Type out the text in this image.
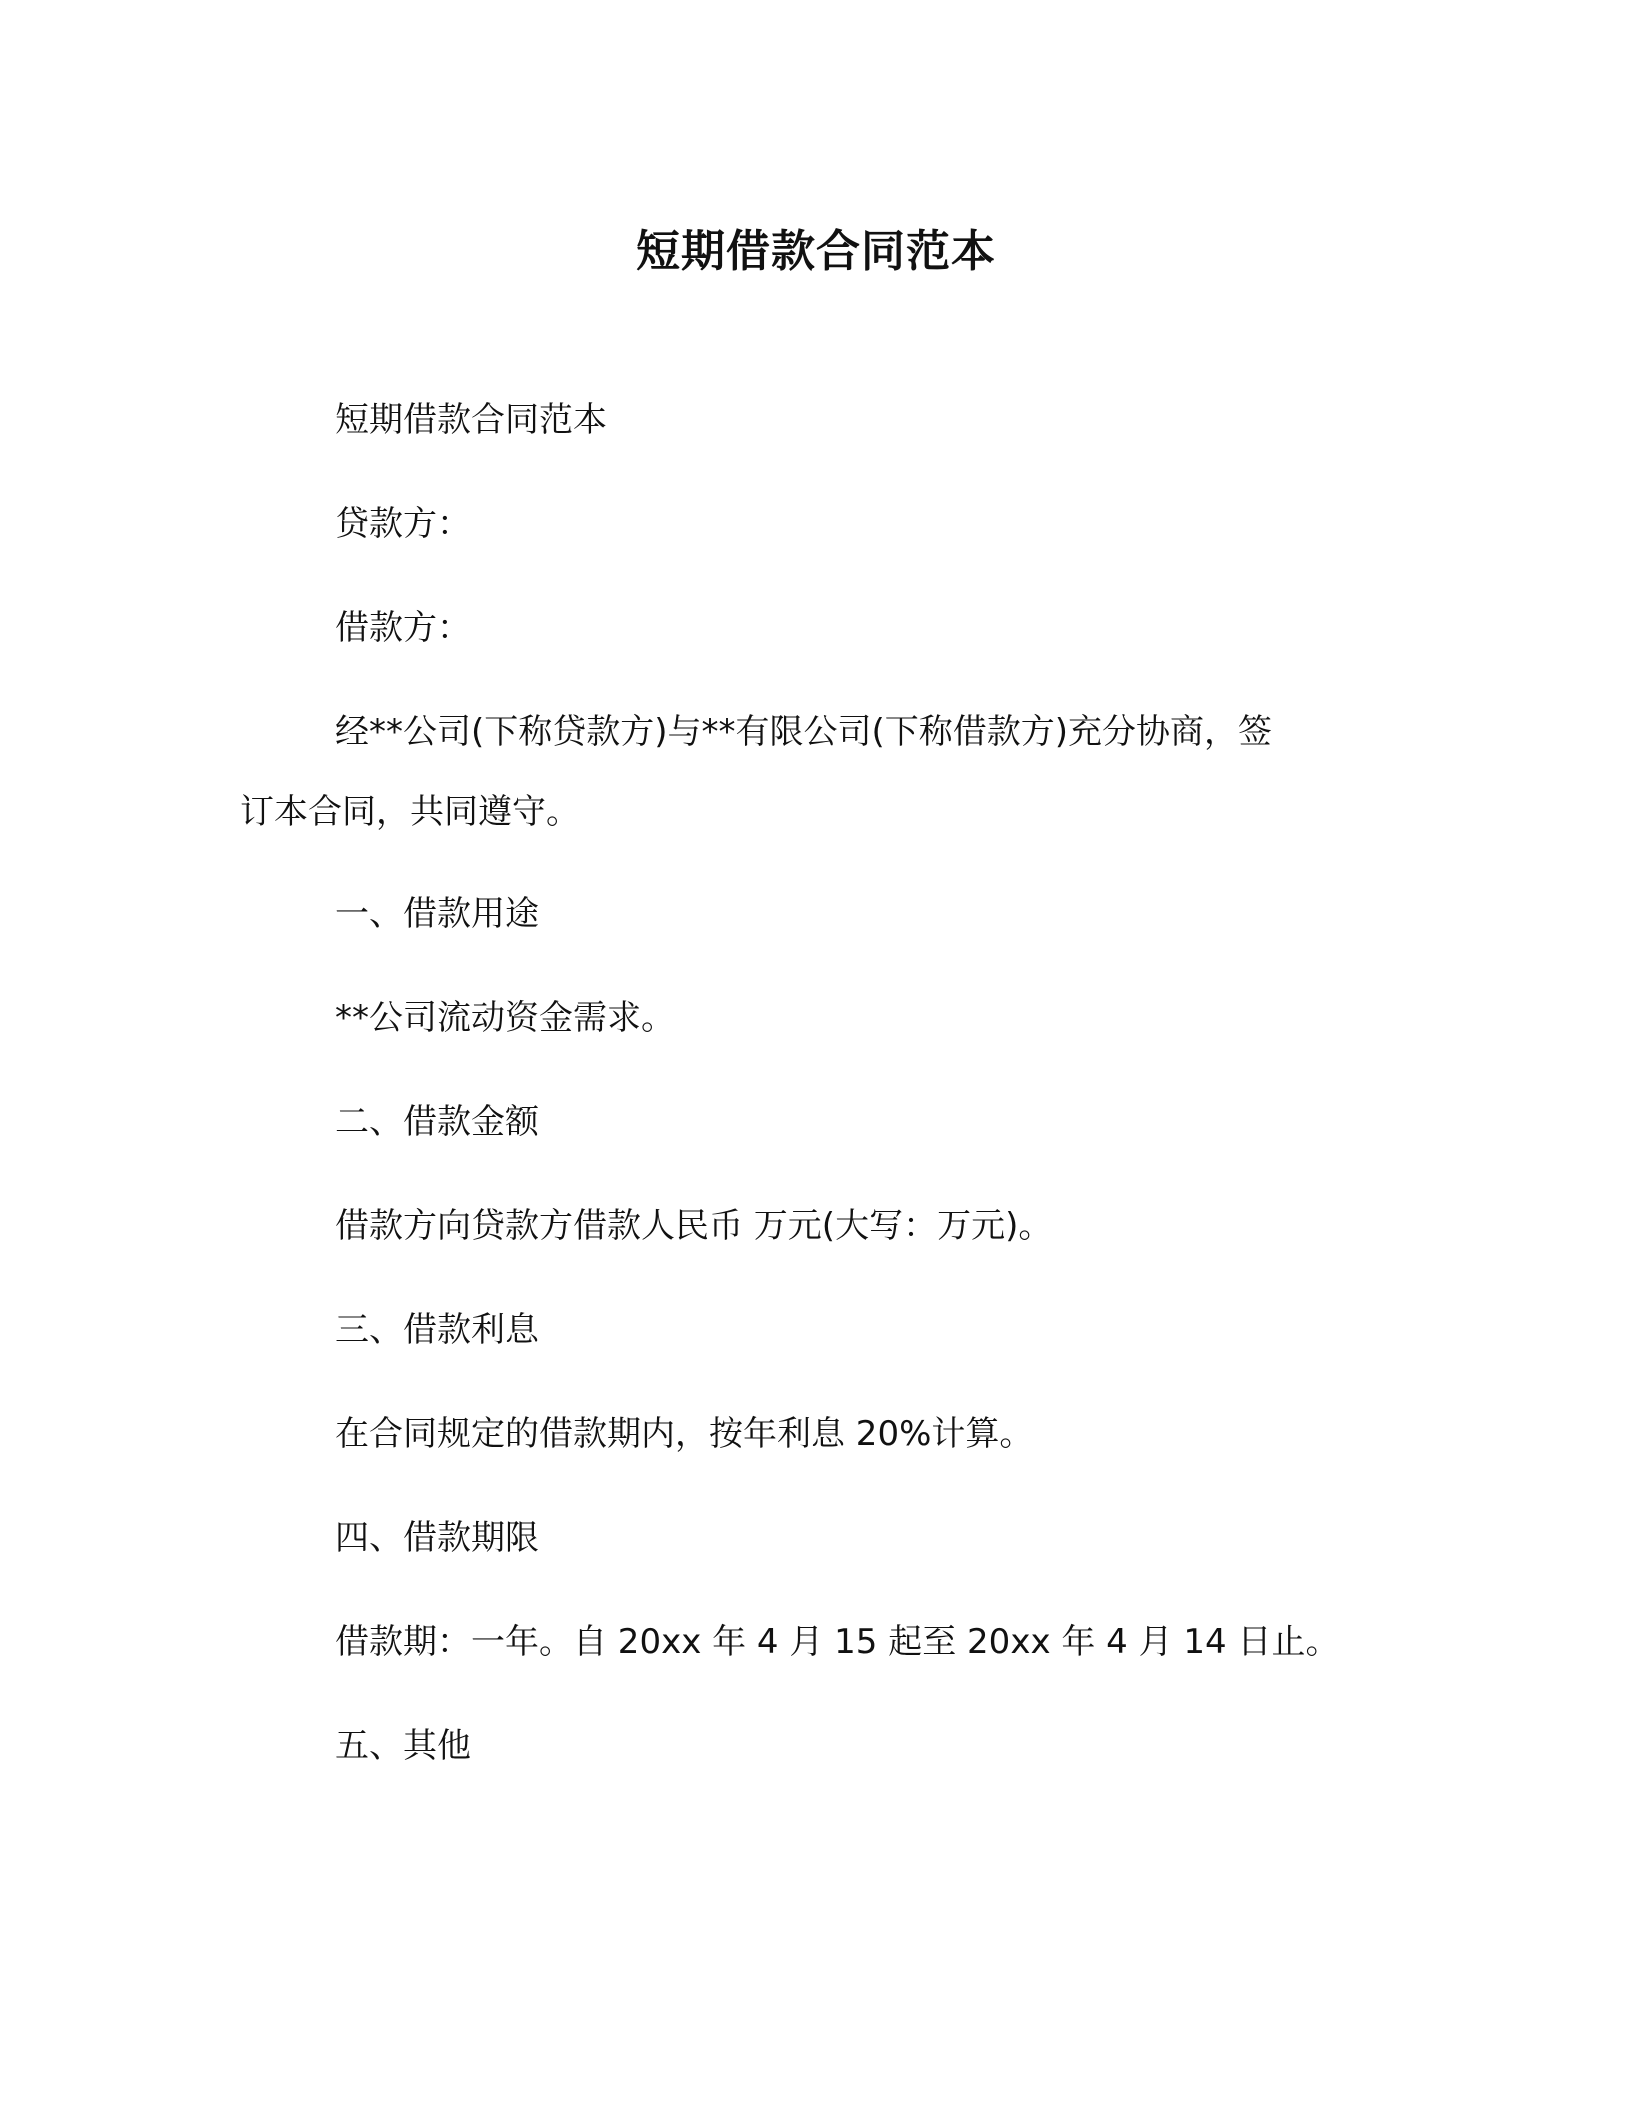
短期借款合同范本

短期借款合同范本

贷款方：

借款方：

经**公司(下称贷款方)与**有限公司(下称借款方)充分协商，签

订本合同，共同遵守。

一、借款用途

**公司流动资金需求。

二、借款金额

借款方向贷款方借款人民币 万元(大写：万元)。

三、借款利息

在合同规定的借款期内，按年利息 20%计算。

四、借款期限

借款期：一年。自 20xx 年 4 月 15 起至 20xx 年 4 月 14 日止。

五、其他
